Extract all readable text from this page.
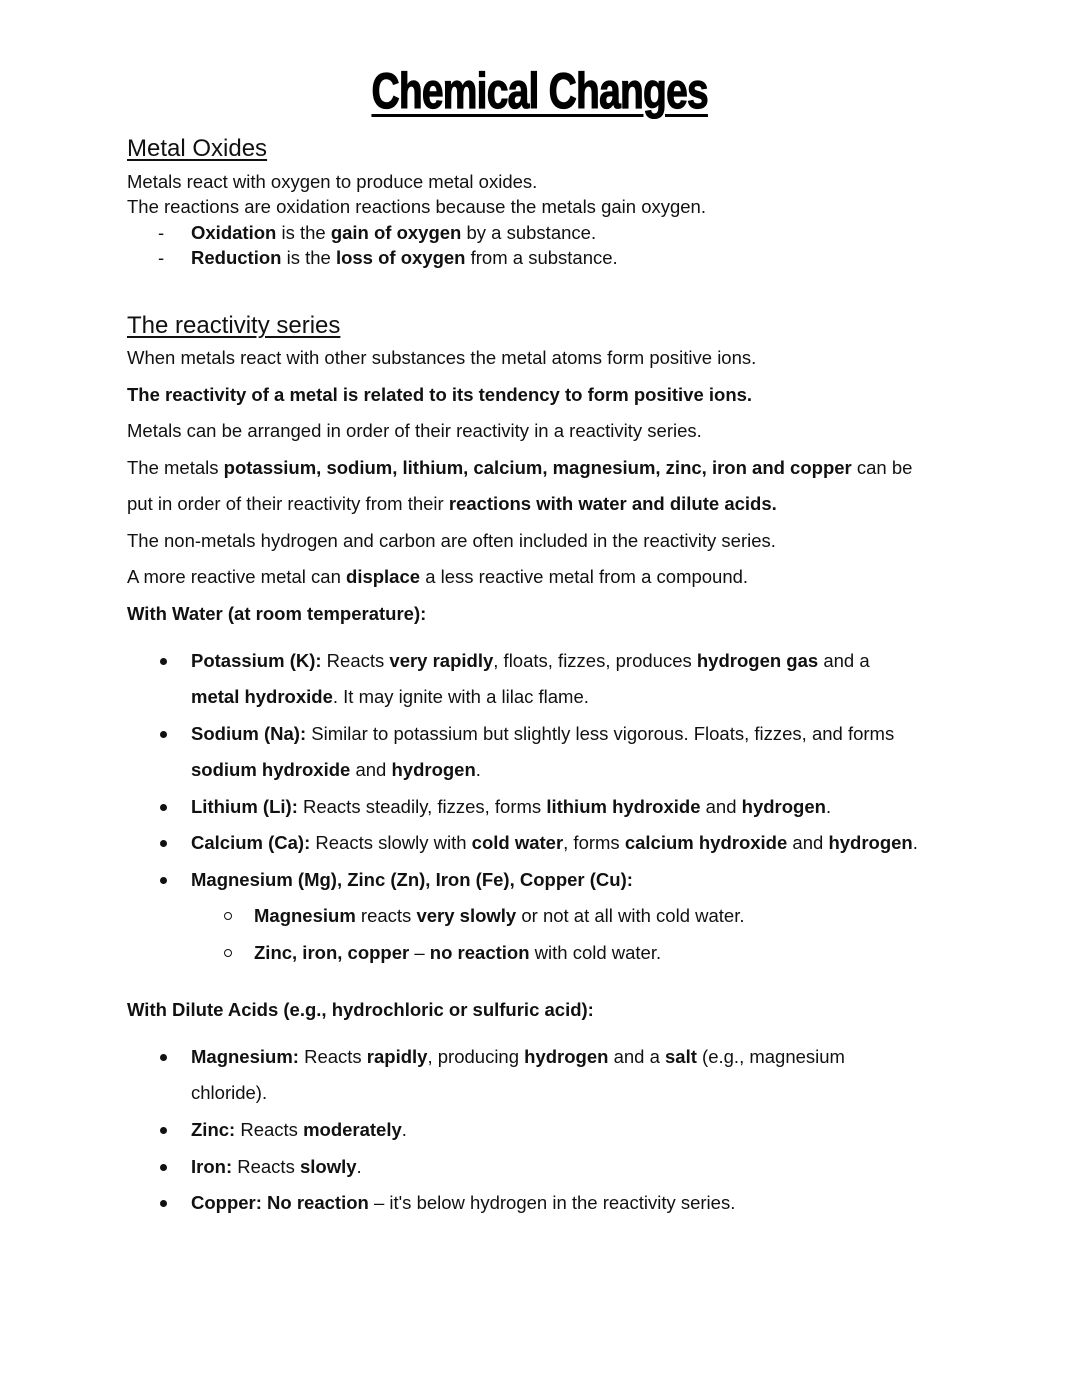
Chemical Changes
Metal Oxides
Metals react with oxygen to produce metal oxides.
The reactions are oxidation reactions because the metals gain oxygen.
- Oxidation is the gain of oxygen by a substance.
- Reduction is the loss of oxygen from a substance.
The reactivity series
When metals react with other substances the metal atoms form positive ions.
The reactivity of a metal is related to its tendency to form positive ions.
Metals can be arranged in order of their reactivity in a reactivity series.
The metals potassium, sodium, lithium, calcium, magnesium, zinc, iron and copper can be
put in order of their reactivity from their reactions with water and dilute acids.
The non-metals hydrogen and carbon are often included in the reactivity series.
A more reactive metal can displace a less reactive metal from a compound.
With Water (at room temperature):
Potassium (K): Reacts very rapidly, floats, fizzes, produces hydrogen gas and a
metal hydroxide. It may ignite with a lilac flame.
Sodium (Na): Similar to potassium but slightly less vigorous. Floats, fizzes, and forms
sodium hydroxide and hydrogen.
Lithium (Li): Reacts steadily, fizzes, forms lithium hydroxide and hydrogen.
Calcium (Ca): Reacts slowly with cold water, forms calcium hydroxide and hydrogen.
Magnesium (Mg), Zinc (Zn), Iron (Fe), Copper (Cu):
Magnesium reacts very slowly or not at all with cold water.
Zinc, iron, copper – no reaction with cold water.
With Dilute Acids (e.g., hydrochloric or sulfuric acid):
Magnesium: Reacts rapidly, producing hydrogen and a salt (e.g., magnesium
chloride).
Zinc: Reacts moderately.
Iron: Reacts slowly.
Copper: No reaction – it's below hydrogen in the reactivity series.
